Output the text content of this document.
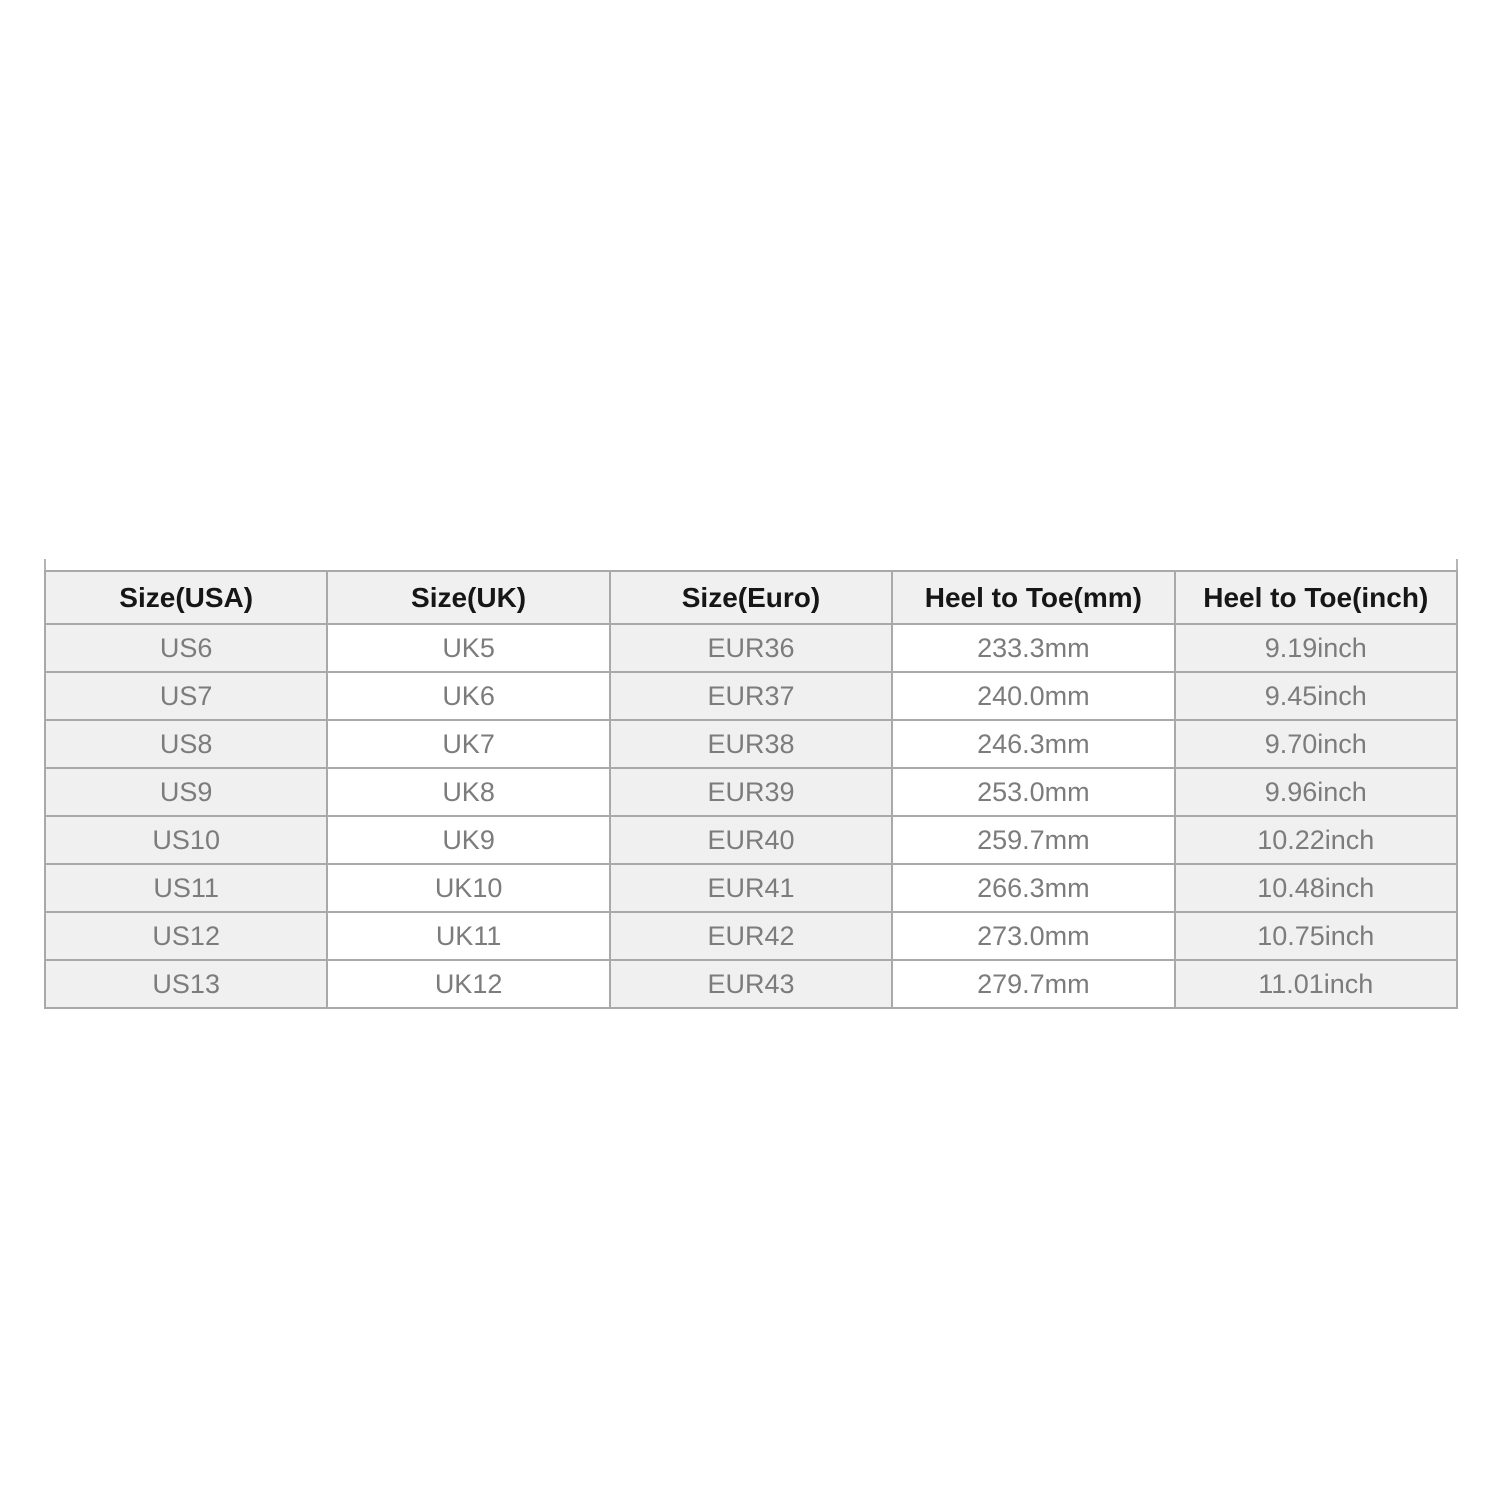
Size(USA)	Size(UK)	Size(Euro)	Heel to Toe(mm)	Heel to Toe(inch)
US6	UK5	EUR36	233.3mm	9.19inch
US7	UK6	EUR37	240.0mm	9.45inch
US8	UK7	EUR38	246.3mm	9.70inch
US9	UK8	EUR39	253.0mm	9.96inch
US10	UK9	EUR40	259.7mm	10.22inch
US11	UK10	EUR41	266.3mm	10.48inch
US12	UK11	EUR42	273.0mm	10.75inch
US13	UK12	EUR43	279.7mm	11.01inch
